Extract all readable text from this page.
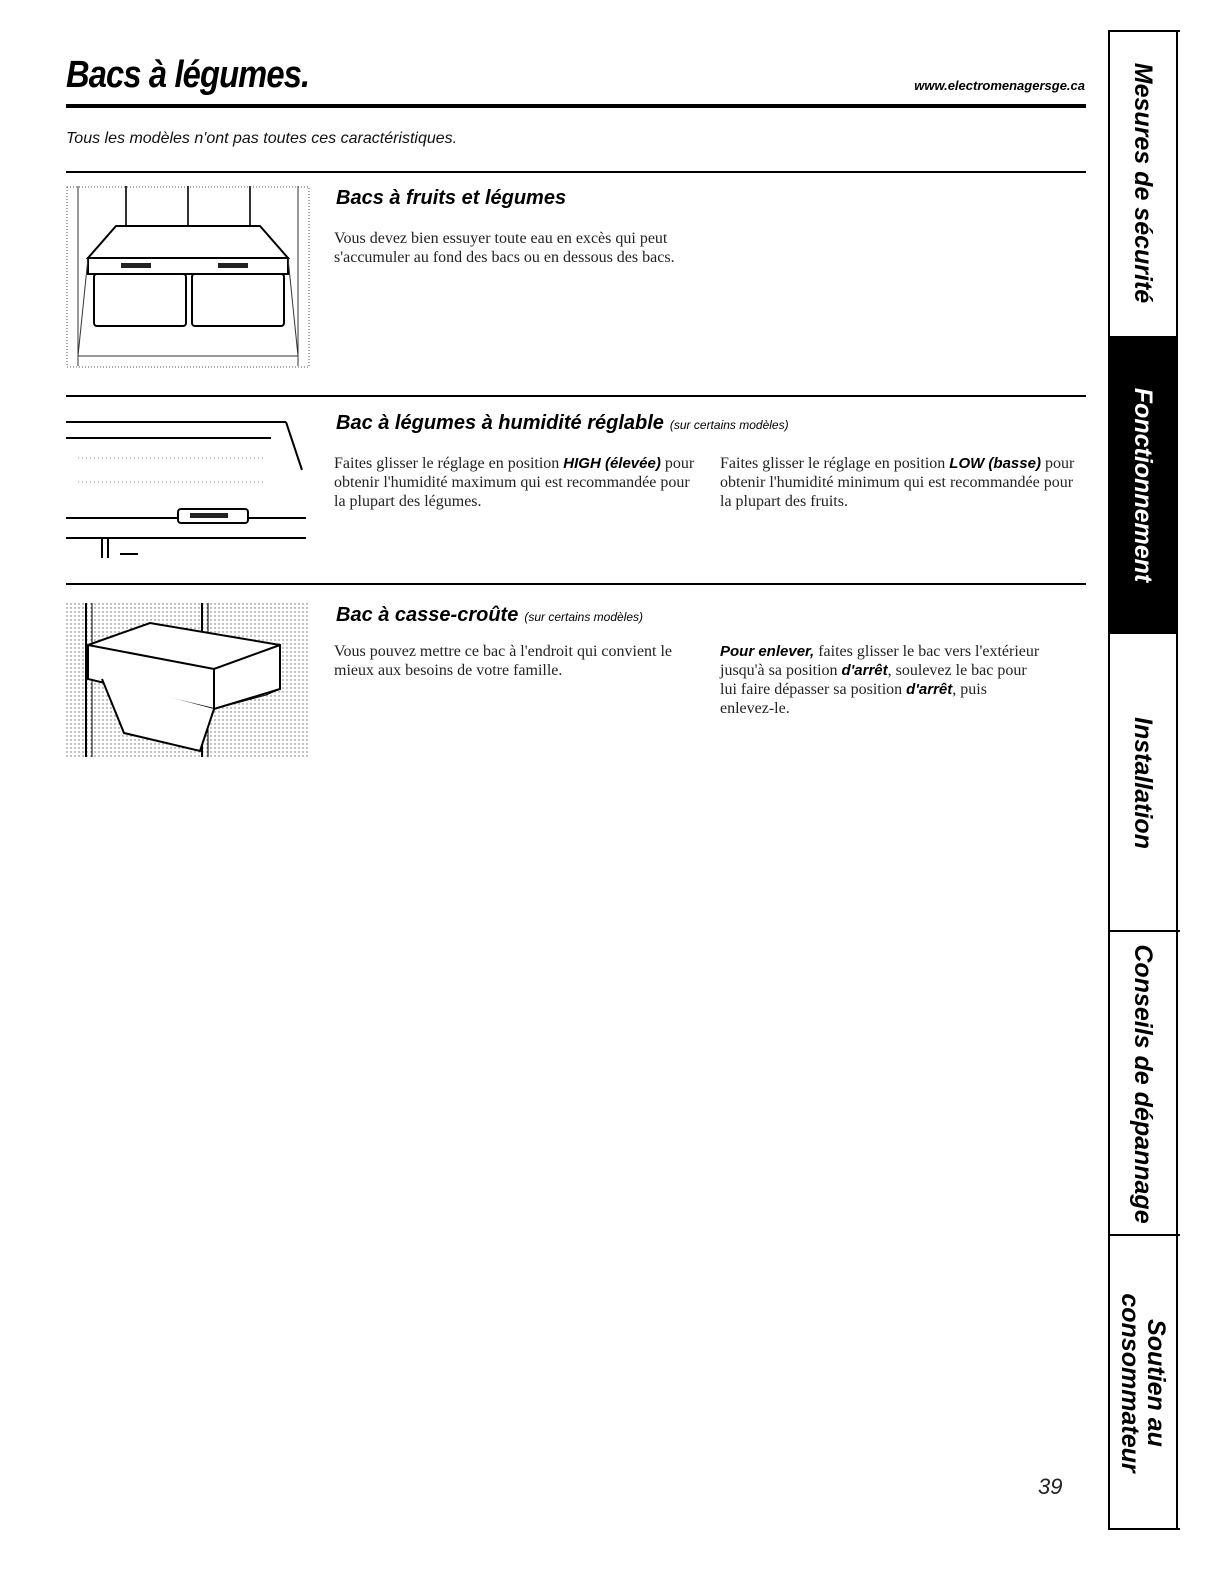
Bacs à légumes.	www.electromenagersge.ca
Tous les modèles n'ont pas toutes ces caractéristiques.
Bacs à fruits et légumes
Vous devez bien essuyer toute eau en excès qui peut s'accumuler au fond des bacs ou en dessous des bacs.
Bac à légumes à humidité réglable (sur certains modèles)
Faites glisser le réglage en position HIGH (élevée) pour obtenir l'humidité maximum qui est recommandée pour la plupart des légumes.
Faites glisser le réglage en position LOW (basse) pour obtenir l'humidité minimum qui est recommandée pour la plupart des fruits.
Bac à casse-croûte (sur certains modèles)
Vous pouvez mettre ce bac à l'endroit qui convient le mieux aux besoins de votre famille.
Pour enlever, faites glisser le bac vers l'extérieur jusqu'à sa position d'arrêt, soulevez le bac pour lui faire dépasser sa position d'arrêt, puis enlevez-le.
Mesures de sécurité
Fonctionnement
Installation
Conseils de dépannage
Soutien au
consommateur
39
